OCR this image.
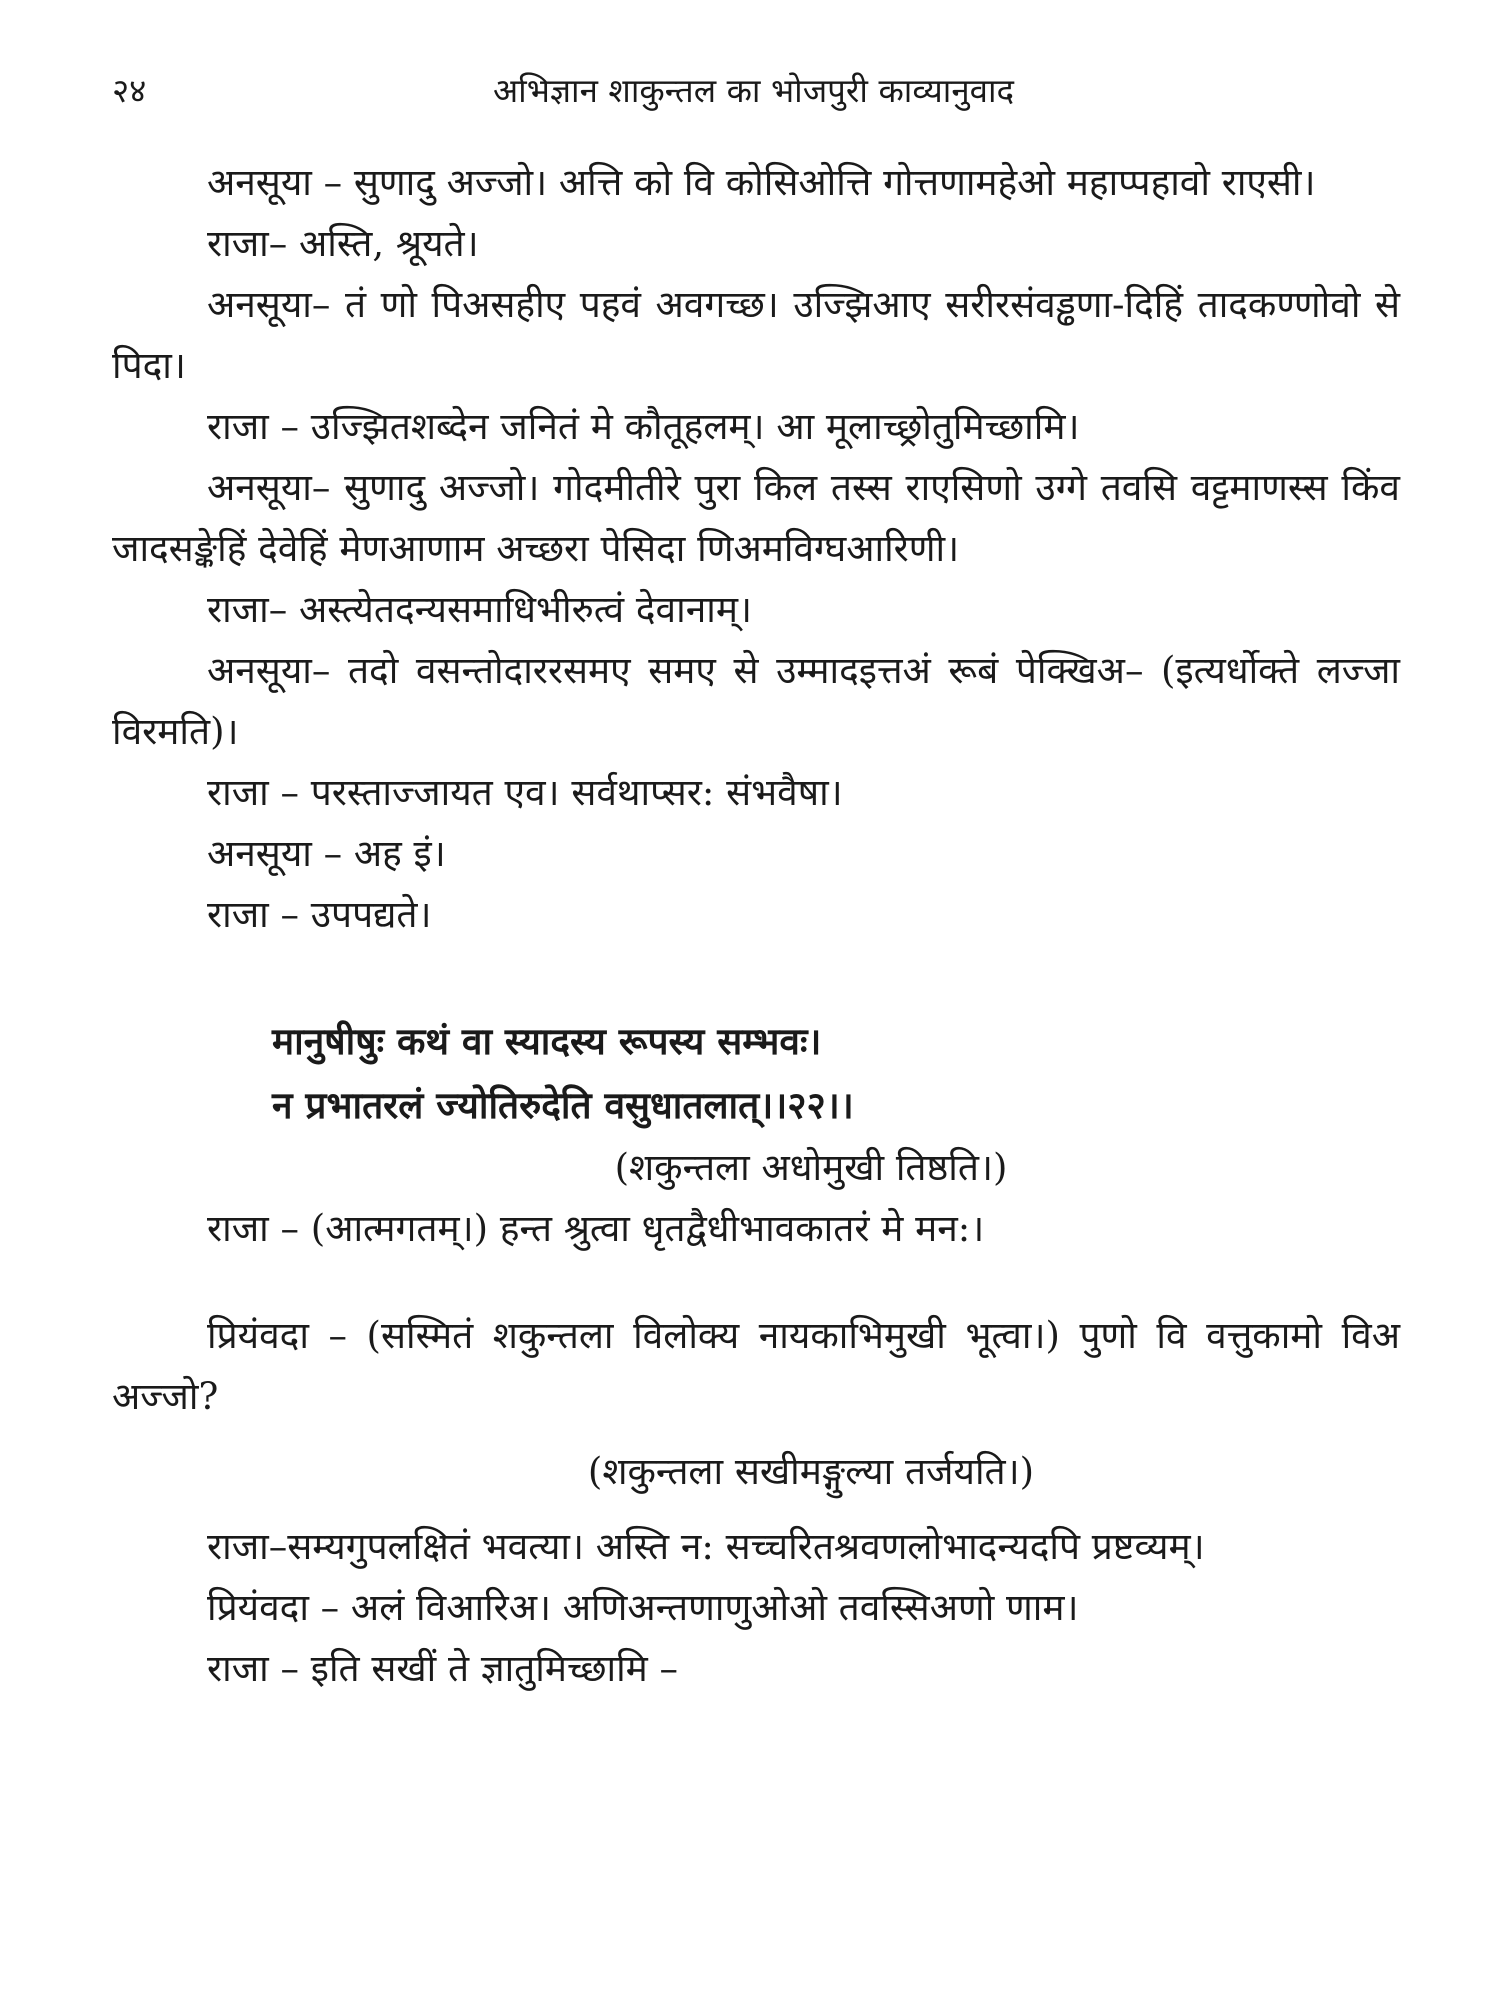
२४	अभिज्ञान शाकुन्तल का भोजपुरी काव्यानुवाद

अनसूया – सुणादु अज्जो। अत्ति को वि कोसिओत्ति गोत्तणामहेओ महाप्पहावो राएसी।

राजा– अस्ति, श्रूयते।

अनसूया– तं णो पिअसहीए पहवं अवगच्छ। उज्झिआए सरीरसंवड्ढणा-दिहिं तादकण्णोवो से पिदा।

राजा – उज्झितशब्देन जनितं मे कौतूहलम्। आ मूलाच्छ्रोतुमिच्छामि।

अनसूया– सुणादु अज्जो। गोदमीतीरे पुरा किल तस्स राएसिणो उग्गे तवसि वट्टमाणस्स किंव जादसङ्केहिं देवेहिं मेणआणाम अच्छरा पेसिदा णिअमविग्घआरिणी।

राजा– अस्त्येतदन्यसमाधिभीरुत्वं देवानाम्।

अनसूया– तदो वसन्तोदाररसमए समए से उम्मादइत्तअं रूबं पेक्खिअ– (इत्यर्धोक्ते लज्जा विरमति)।

राजा – परस्ताज्जायत एव। सर्वथाप्सर: संभवैषा।

अनसूया – अह इं।

राजा – उपपद्यते।

मानुषीषुः कथं वा स्यादस्य रूपस्य सम्भवः।

न प्रभातरलं ज्योतिरुदेति वसुधातलात्।।२२।।

(शकुन्तला अधोमुखी तिष्ठति।)

राजा – (आत्मगतम्।) हन्त श्रुत्वा धृतद्वैधीभावकातरं मे मन:।

प्रियंवदा – (सस्मितं शकुन्तला विलोक्य नायकाभिमुखी भूत्वा।) पुणो वि वत्तुकामो विअ अज्जो?

(शकुन्तला सखीमङ्गुल्या तर्जयति।)

राजा–सम्यगुपलक्षितं भवत्या। अस्ति न: सच्चरितश्रवणलोभादन्यदपि प्रष्टव्यम्।

प्रियंवदा – अलं विआरिअ। अणिअन्तणाणुओओ तवस्सिअणो णाम।

राजा – इति सखीं ते ज्ञातुमिच्छामि –
